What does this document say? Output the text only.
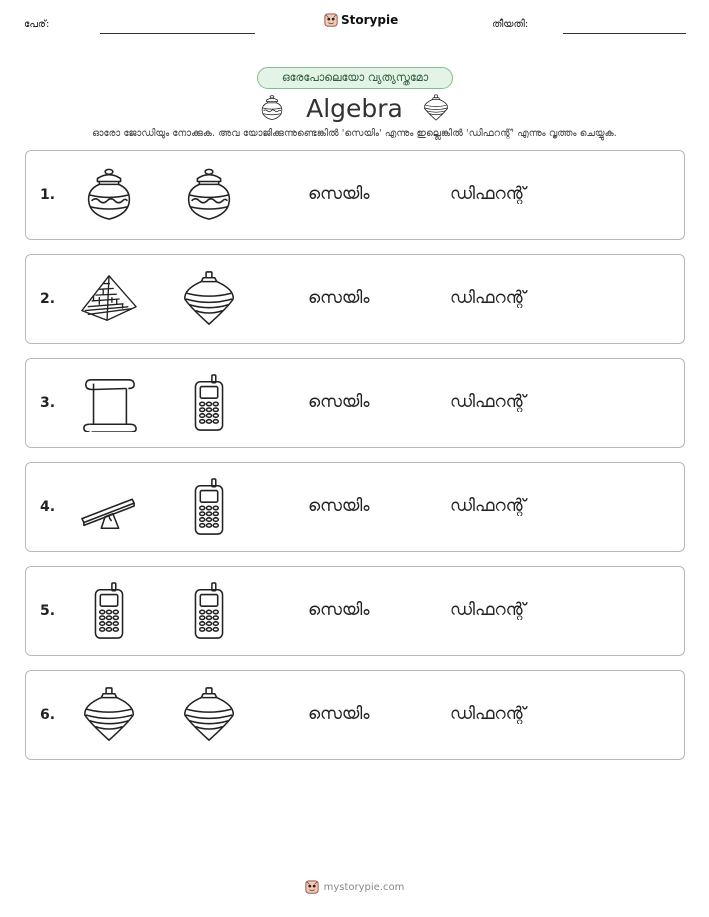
പേര്:	Storypie	തീയതി:
ഒരേപോലെയോ വ്യത്യസ്തമോ
Algebra
ഓരോ ജോഡിയും നോക്കുക. അവ യോജിക്കുന്നുണ്ടെങ്കിൽ 'സെയിം' എന്നും ഇല്ലെങ്കിൽ 'ഡിഫറന്റ്' എന്നും വൃത്തം ചെയ്യുക.
1.	സെയിം	ഡിഫറന്റ്
2.	സെയിം	ഡിഫറന്റ്
3.	സെയിം	ഡിഫറന്റ്
4.	സെയിം	ഡിഫറന്റ്
5.	സെയിം	ഡിഫറന്റ്
6.	സെയിം	ഡിഫറന്റ്
mystorypie.com
